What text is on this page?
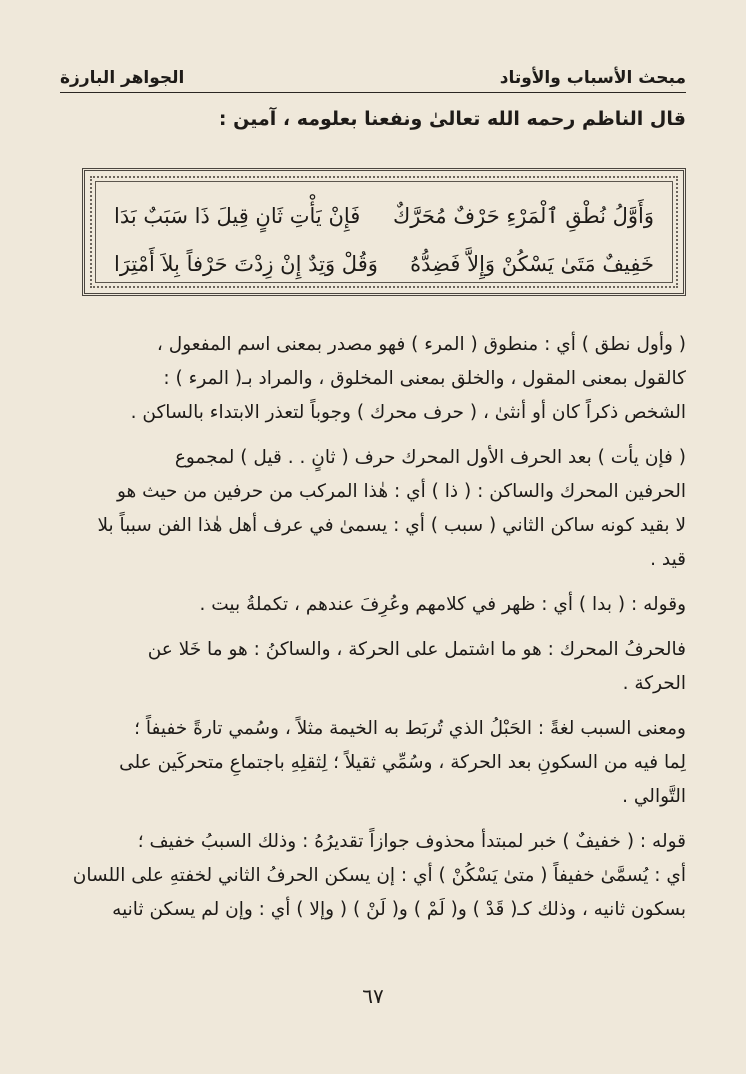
مبحث الأسباب والأوتاد
الجواهر البارزة
قال الناظم رحمه الله تعالىٰ ونفعنا بعلومه ، آمين :
وَأَوَّلُ نُطْقِ ٱلْمَرْءِ حَرْفٌ مُحَرَّكٌ
فَإِنْ يَأْتِ ثَانٍ قِيلَ ذَا سَبَبٌ بَدَا
خَفِيفٌ مَتَىٰ يَسْكُنْ وَإِلاَّ فَضِدُّهُ
وَقُلْ وَتِدٌ إِنْ زِدْتَ حَرْفاً بِلاَ أَمْتِرَا

( وأول نطق ) أي : منطوق ( المرء ) فهو مصدر بمعنى اسم المفعول ،
كالقول بمعنى المقول ، والخلق بمعنى المخلوق ، والمراد بـ( المرء ) :
الشخص ذكراً كان أو أنثىٰ ، ( حرف محرك ) وجوباً لتعذر الابتداء بالساكن .

( فإن يأت ) بعد الحرف الأول المحرك حرف ( ثانٍ . . قيل ) لمجموع
الحرفين المحرك والساكن : ( ذا ) أي : هٰذا المركب من حرفين من حيث هو
لا بقيد كونه ساكن الثاني ( سبب ) أي : يسمىٰ في عرف أهل هٰذا الفن سبباً بلا
قيد .

وقوله : ( بدا ) أي : ظهر في كلامهم وعُرِفَ عندهم ، تكملةُ بيت .

فالحرفُ المحرك : هو ما اشتمل على الحركة ، والساكنُ : هو ما خَلا عن
الحركة .

ومعنى السبب لغةً : الحَبْلُ الذي تُربَط به الخيمة مثلاً ، وسُمي تارةً خفيفاً ؛
لِما فيه من السكونِ بعد الحركة ، وسُمِّي ثقيلاً ؛ لِثقلِهِ باجتماعِ متحركَين على
التَّوالي .

قوله : ( خفيفٌ ) خبر لمبتدأ محذوف جوازاً تقديرُهُ : وذلك السببُ خفيف ؛
أي : يُسمَّىٰ خفيفاً ( متىٰ يَسْكُنْ ) أي : إن يسكن الحرفُ الثاني لخفتهِ على اللسان
بسكون ثانيه ، وذلك كـ( قَدْ ) و( لَمْ ) و( لَنْ ) ( وإلا ) أي : وإن لم يسكن ثانيه

٦٧
